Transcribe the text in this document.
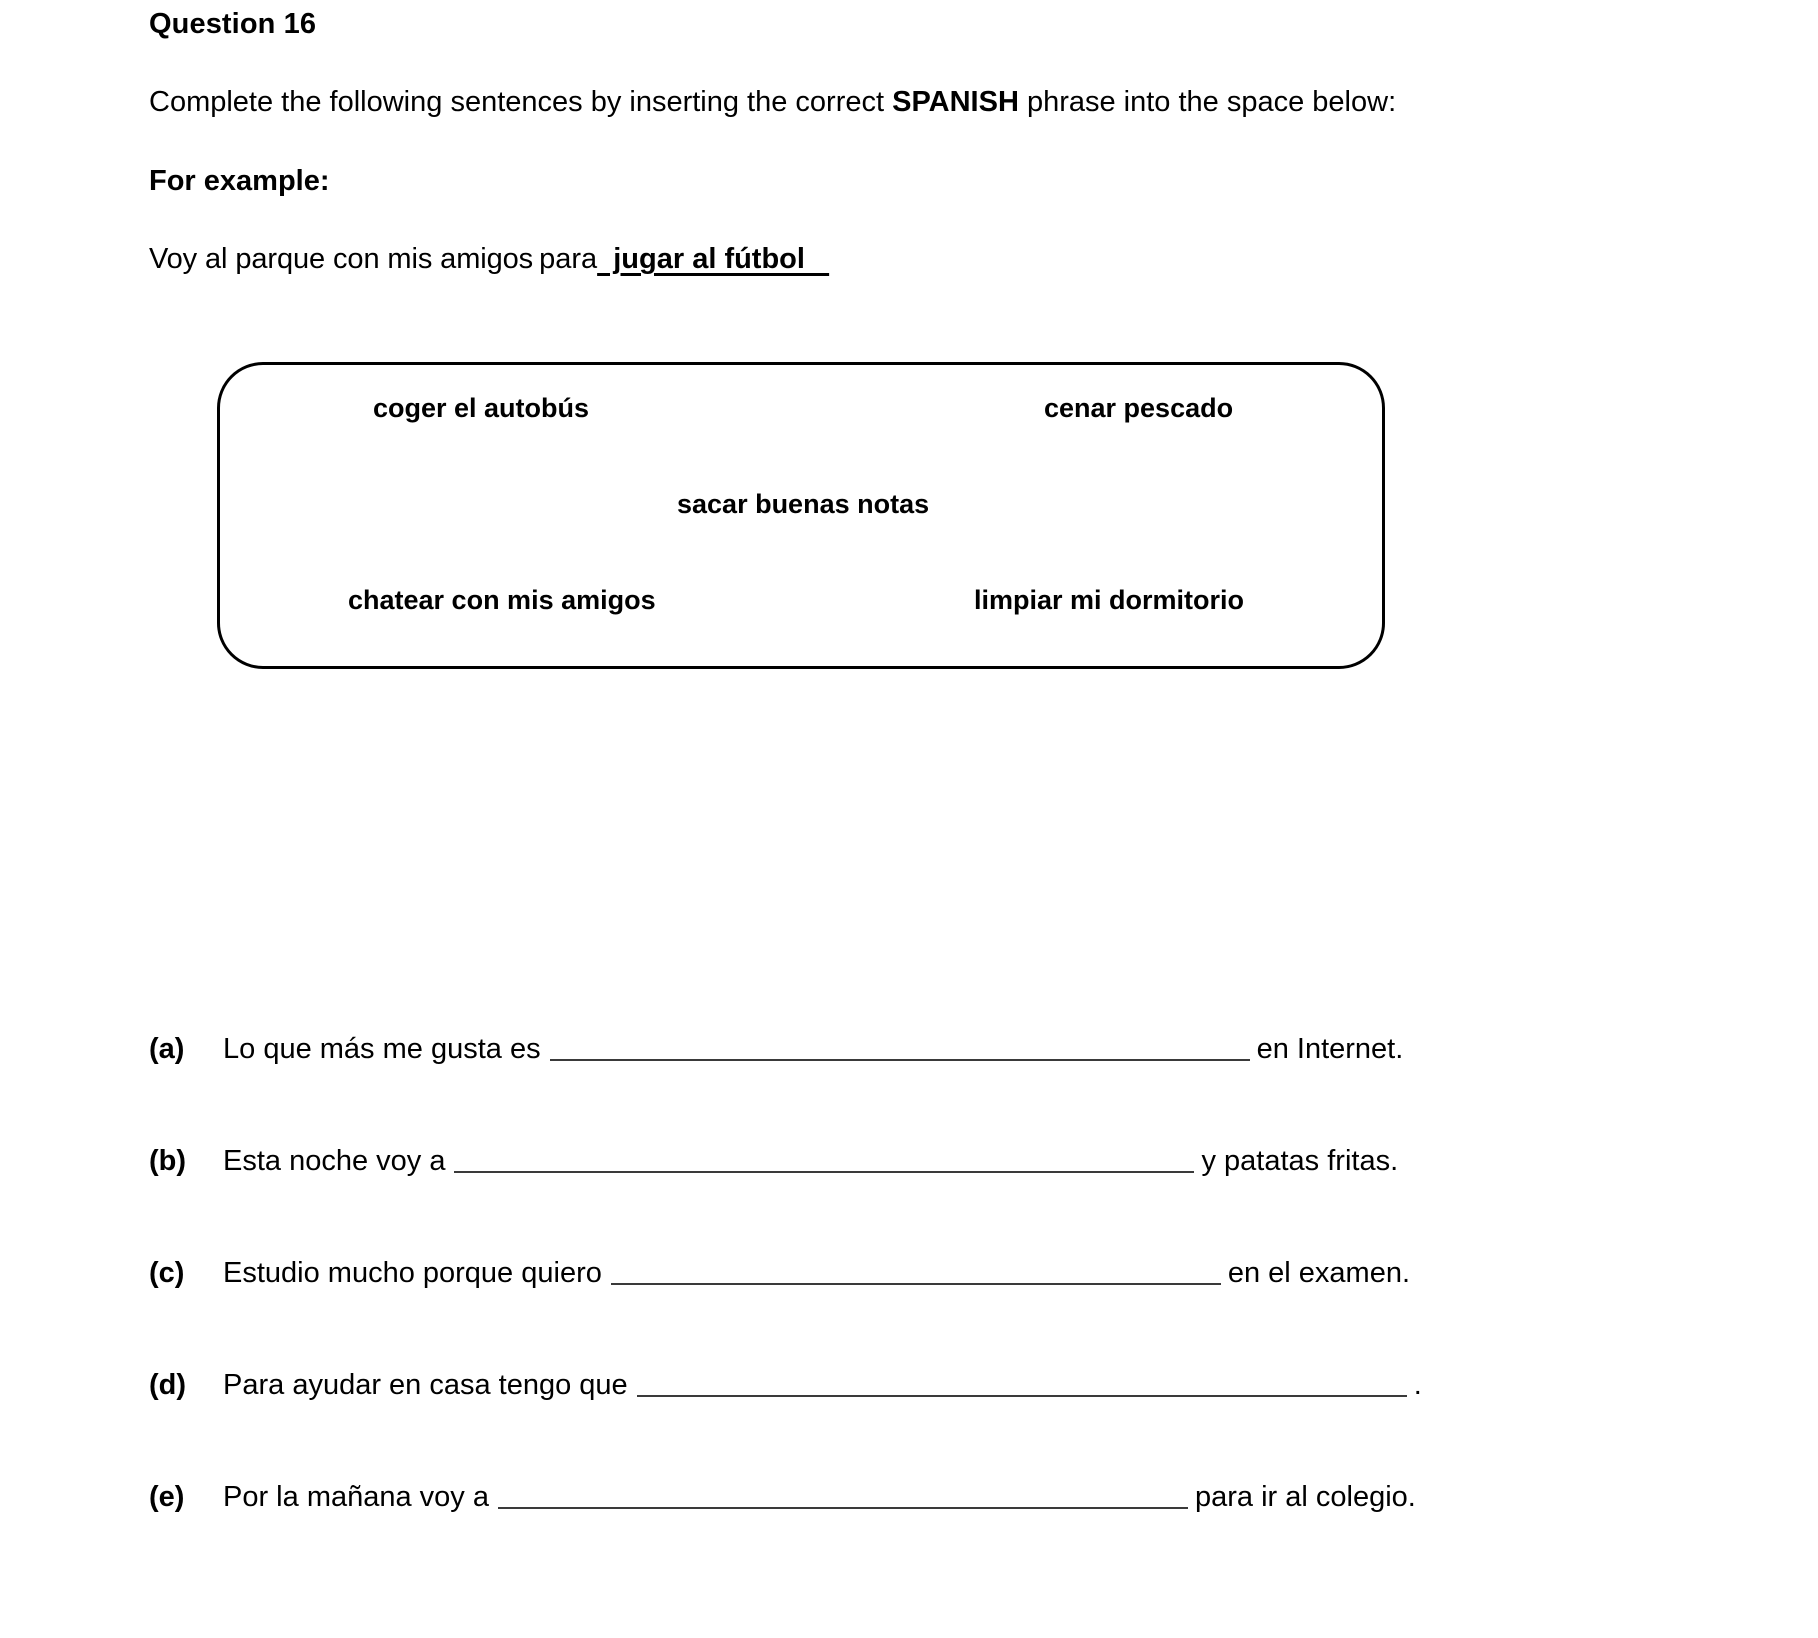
Question 16
Complete the following sentences by inserting the correct SPANISH phrase into the space below:
For example:
Voy al parque con mis amigos para  jugar al fútbol
coger el autobús	cenar pescado
sacar buenas notas
chatear con mis amigos	limpiar mi dormitorio
(a)	Lo que más me gusta es	en Internet.
(b)	Esta noche voy a	y patatas fritas.
(c)	Estudio mucho porque quiero	en el examen.
(d)	Para ayudar en casa tengo que	.
(e)	Por la mañana voy a	para ir al colegio.
